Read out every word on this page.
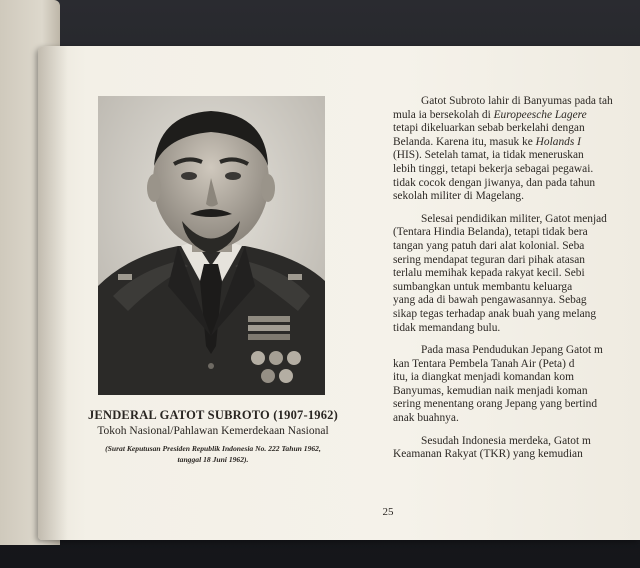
JENDERAL GATOT SUBROTO (1907-1962)

Tokoh Nasional/Pahlawan Kemerdekaan Nasional

(Surat Keputusan Presiden Republik Indonesia No. 222 Tahun 1962,
tanggal 18 Juni 1962).

Gatot Subroto lahir di Banyumas pada tah
mula ia bersekolah di Europeesche Lagere
tetapi dikeluarkan sebab berkelahi dengan
Belanda. Karena itu, masuk ke Holands I
(HIS). Setelah tamat, ia tidak meneruskan
lebih tinggi, tetapi bekerja sebagai pegawai.
tidak cocok dengan jiwanya, dan pada tahun
sekolah militer di Magelang.
Selesai pendidikan militer, Gatot menjad
(Tentara Hindia Belanda), tetapi tidak bera
tangan yang patuh dari alat kolonial. Seba
sering mendapat teguran dari pihak atasan
terlalu memihak kepada rakyat kecil. Sebi
sumbangkan untuk membantu keluarga
yang ada di bawah pengawasannya. Sebag
sikap tegas terhadap anak buah yang melang
tidak memandang bulu.
Pada masa Pendudukan Jepang Gatot m
kan Tentara Pembela Tanah Air (Peta) d
itu, ia diangkat menjadi komandan kom
Banyumas, kemudian naik menjadi koman
sering menentang orang Jepang yang bertind
anak buahnya.
Sesudah Indonesia merdeka, Gatot m
Keamanan Rakyat (TKR) yang kemudian
25
